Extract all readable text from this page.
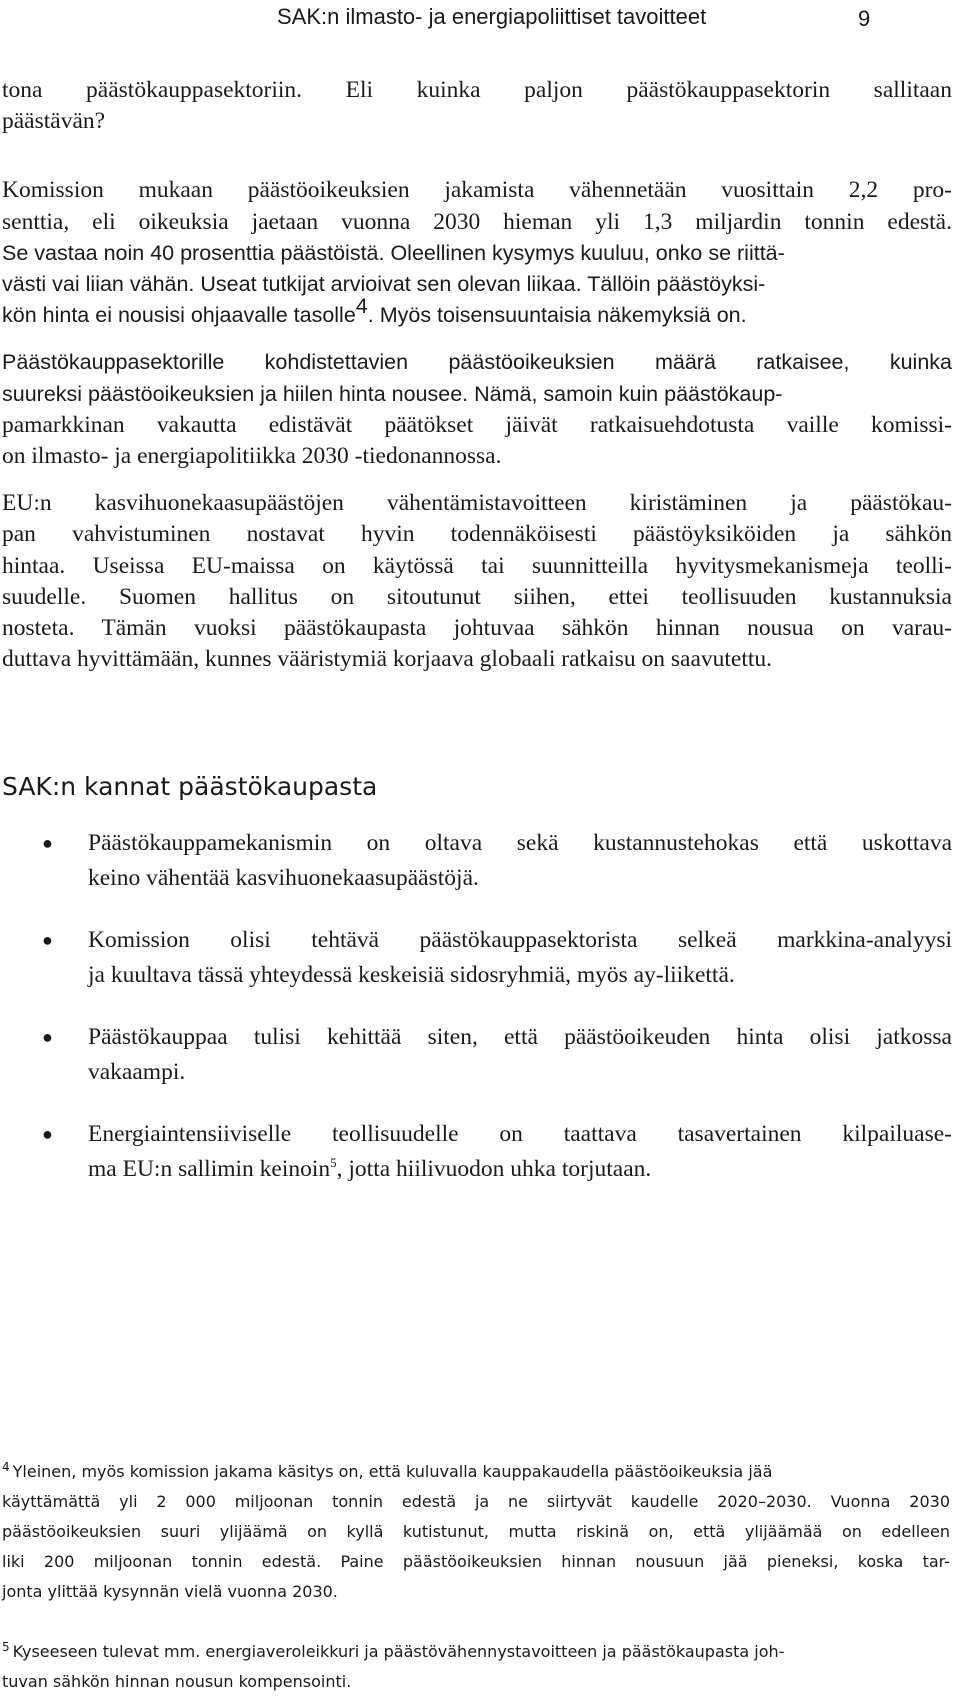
SAK:n ilmasto- ja energiapoliittiset tavoitteet	9

tona päästökauppasektoriin. Eli kuinka paljon päästökauppasektorin sallitaan
päästävän?

Komission mukaan päästöoikeuksien jakamista vähennetään vuosittain 2,2 pro-
senttia, eli oikeuksia jaetaan vuonna 2030 hieman yli 1,3 miljardin tonnin edestä.
Se vastaa noin 40 prosenttia päästöistä. Oleellinen kysymys kuuluu, onko se riittä-
västi vai liian vähän. Useat tutkijat arvioivat sen olevan liikaa. Tällöin päästöyksi-
kön hinta ei nousisi ohjaavalle tasolle$^4$. Myös toisensuuntaisia näkemyksiä on.

Päästökauppasektorille kohdistettavien päästöoikeuksien määrä ratkaisee, kuinka
suureksi päästöoikeuksien ja hiilen hinta nousee. Nämä, samoin kuin päästökaup-
pamarkkinan vakautta edistävät päätökset jäivät ratkaisuehdotusta vaille komissi-
on ilmasto- ja energiapolitiikka 2030 -tiedonannossa.

EU:n kasvihuonekaasupäästöjen vähentämistavoitteen kiristäminen ja päästökau-
pan vahvistuminen nostavat hyvin todennäköisesti päästöyksiköiden ja sähkön
hintaa. Useissa EU-maissa on käytössä tai suunnitteilla hyvitysmekanismeja teolli-
suudelle. Suomen hallitus on sitoutunut siihen, ettei teollisuuden kustannuksia
nosteta. Tämän vuoksi päästökaupasta johtuvaa sähkön hinnan nousua on varau-
duttava hyvittämään, kunnes vääristymiä korjaava globaali ratkaisu on saavutettu.

SAK:n kannat päästökaupasta
● Päästökauppamekanismin on oltava sekä kustannustehokas että uskottava
keino vähentää kasvihuonekaasupäästöjä.
● Komission olisi tehtävä päästökauppasektorista selkeä markkina-analyysi
ja kuultava tässä yhteydessä keskeisiä sidosryhmiä, myös ay-liikettä.
● Päästökauppaa tulisi kehittää siten, että päästöoikeuden hinta olisi jatkossa
vakaampi.
● Energiaintensiiviselle teollisuudelle on taattava tasavertainen kilpailuase-
ma EU:n sallimin keinoin$^5$, jotta hiilivuodon uhka torjutaan.
$^4$ Yleinen, myös komission jakama käsitys on, että kuluvalla kauppakaudella päästöoikeuksia jää
käyttämättä yli 2 000 miljoonan tonnin edestä ja ne siirtyvät kaudelle 2020–2030. Vuonna 2030
päästöoikeuksien suuri ylijäämä on kyllä kutistunut, mutta riskinä on, että ylijäämää on edelleen
liki 200 miljoonan tonnin edestä. Paine päästöoikeuksien hinnan nousuun jää pieneksi, koska tar-
jonta ylittää kysynnän vielä vuonna 2030.
$^5$ Kyseeseen tulevat mm. energiaveroleikkuri ja päästövähennystavoitteen ja päästökaupasta joh-
tuvan sähkön hinnan nousun kompensointi.
